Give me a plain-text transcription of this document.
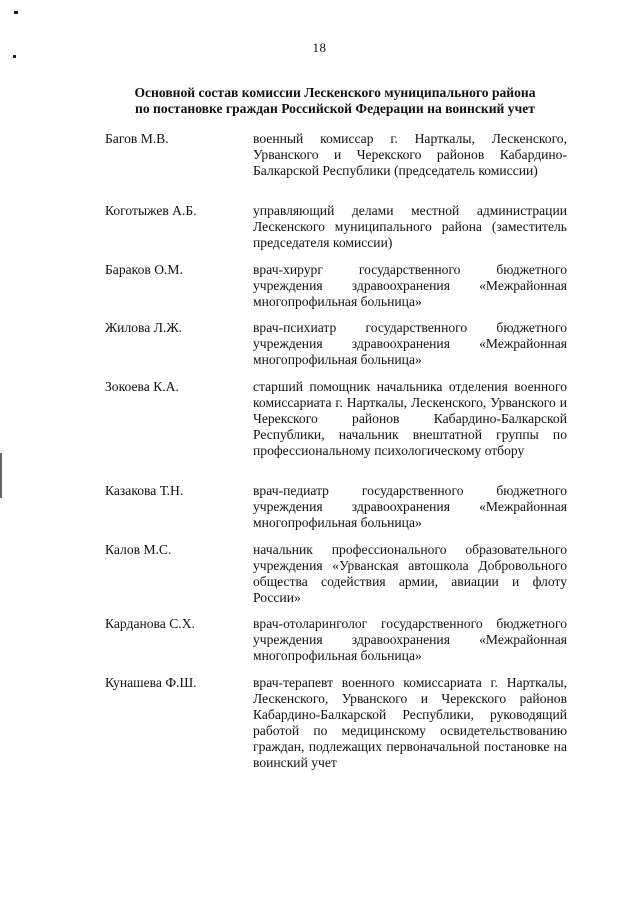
18
Основной состав комиссии Лескенского муниципального района
по постановке граждан Российской Федерации на воинский учет
Багов М.В.	военный комиссар г. Нарткалы, Лескенского, Урванского и Черекского районов Кабардино-Балкарской Республики (председатель комиссии)
Коготыжев А.Б.	управляющий делами местной администрации Лескенского муниципального района (заместитель председателя комиссии)
Бараков О.М.	врач-хирург государственного бюджетного учреждения здравоохранения «Межрайонная многопрофильная больница»
Жилова Л.Ж.	врач-психиатр государственного бюджетного учреждения здравоохранения «Межрайонная многопрофильная больница»
Зокоева К.А.	старший помощник начальника отделения военного комиссариата г. Нарткалы, Лескенского, Урванского и Черекского районов Кабардино-Балкарской Республики, начальник внештатной группы по профессиональному психологическому отбору
Казакова Т.Н.	врач-педиатр государственного бюджетного учреждения здравоохранения «Межрайонная многопрофильная больница»
Калов М.С.	начальник профессионального образовательного учреждения «Урванская автошкола Добровольного общества содействия армии, авиации и флоту России»
Карданова С.Х.	врач-отоларинголог государственного бюджетного учреждения здравоохранения «Межрайонная многопрофильная больница»
Кунашева Ф.Ш.	врач-терапевт военного комиссариата г. Нарткалы, Лескенского, Урванского и Черекского районов Кабардино-Балкарской Республики, руководящий работой по медицинскому освидетельствованию граждан, подлежащих первоначальной постановке на воинский учет
